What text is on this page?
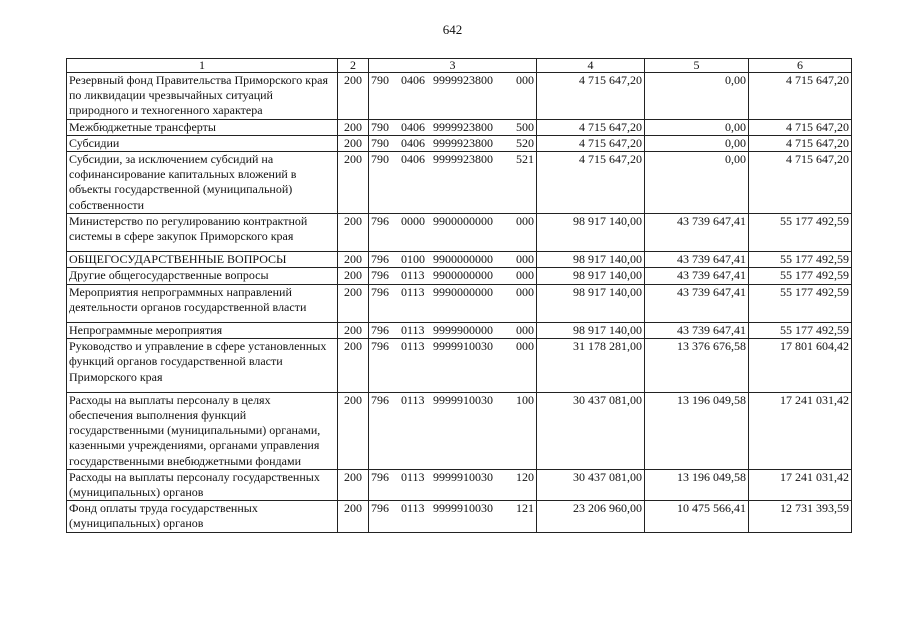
642
1	2	3	4	5	6
Резервный фонд Правительства Приморского края по ликвидации чрезвычайных ситуаций природного и техногенного характера	200	790 0406 9999923800 000	4 715 647,20	0,00	4 715 647,20
Межбюджетные трансферты	200	790 0406 9999923800 500	4 715 647,20	0,00	4 715 647,20
Субсидии	200	790 0406 9999923800 520	4 715 647,20	0,00	4 715 647,20
Субсидии, за исключением субсидий на софинансирование капитальных вложений в объекты государственной (муниципальной) собственности	200	790 0406 9999923800 521	4 715 647,20	0,00	4 715 647,20
Министерство по регулированию контрактной системы в сфере закупок Приморского края	200	796 0000 9900000000 000	98 917 140,00	43 739 647,41	55 177 492,59
ОБЩЕГОСУДАРСТВЕННЫЕ ВОПРОСЫ	200	796 0100 9900000000 000	98 917 140,00	43 739 647,41	55 177 492,59
Другие общегосударственные вопросы	200	796 0113 9900000000 000	98 917 140,00	43 739 647,41	55 177 492,59
Мероприятия непрограммных направлений деятельности органов государственной власти	200	796 0113 9990000000 000	98 917 140,00	43 739 647,41	55 177 492,59
Непрограммные мероприятия	200	796 0113 9999900000 000	98 917 140,00	43 739 647,41	55 177 492,59
Руководство и управление в сфере установленных функций органов государственной власти Приморского края	200	796 0113 9999910030 000	31 178 281,00	13 376 676,58	17 801 604,42
Расходы на выплаты персоналу в целях обеспечения выполнения функций государственными (муниципальными) органами, казенными учреждениями, органами управления государственными внебюджетными фондами	200	796 0113 9999910030 100	30 437 081,00	13 196 049,58	17 241 031,42
Расходы на выплаты персоналу государственных (муниципальных) органов	200	796 0113 9999910030 120	30 437 081,00	13 196 049,58	17 241 031,42
Фонд оплаты труда государственных (муниципальных) органов	200	796 0113 9999910030 121	23 206 960,00	10 475 566,41	12 731 393,59
